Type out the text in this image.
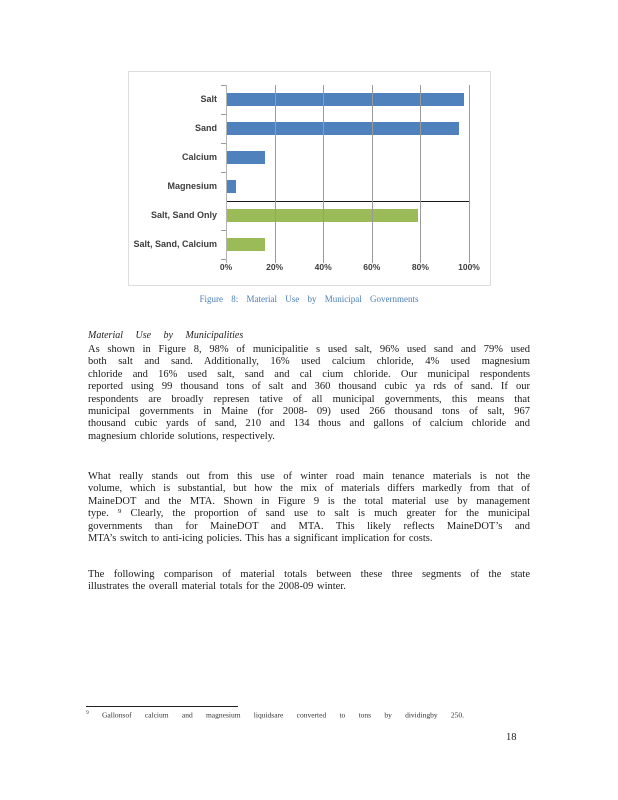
Salt
Sand
Calcium
Magnesium
Salt, Sand Only
Salt, Sand, Calcium
0%	20%	40%	60%	80%	100%
Figure 8: Material Use by Municipal Governments
Material Use by Municipalities
As shown in Figure 8, 98% of municipalitie s used salt, 96% used sand and 79% used
both salt and sand. Additionally, 16% used calcium chloride, 4% used magnesium
chloride and 16% used salt, sand and cal cium chloride. Our municipal respondents
reported using 99 thousand tons of salt and 360 thousand cubic ya rds of sand. If our
respondents are broadly represen tative of all municipal governments, this means that
municipal governments in Maine (for 2008- 09) used 266 thousand tons of salt, 967
thousand cubic yards of sand, 210 and 134 thous and gallons of calcium chloride and
magnesium chloride solutions, respectively.
What really stands out from this use of winter road main tenance materials is not the
volume, which is substantial, but how the mix of materials differs markedly from that of
MaineDOT and the MTA. Shown in Figure 9 is the total material use by management
type. ⁹ Clearly, the proportion of sand use to salt is much greater for the municipal
governments than for MaineDOT and MTA. This likely reflects MaineDOT’s and
MTA’s switch to anti-icing policies. This has a significant implication for costs.
The following comparison of material totals between these three segments of the state
illustrates the overall material totals for the 2008-09 winter.
$^9$ Gallonsof calcium and magnesium liquidsare converted to tons by dividingby 250.
18
